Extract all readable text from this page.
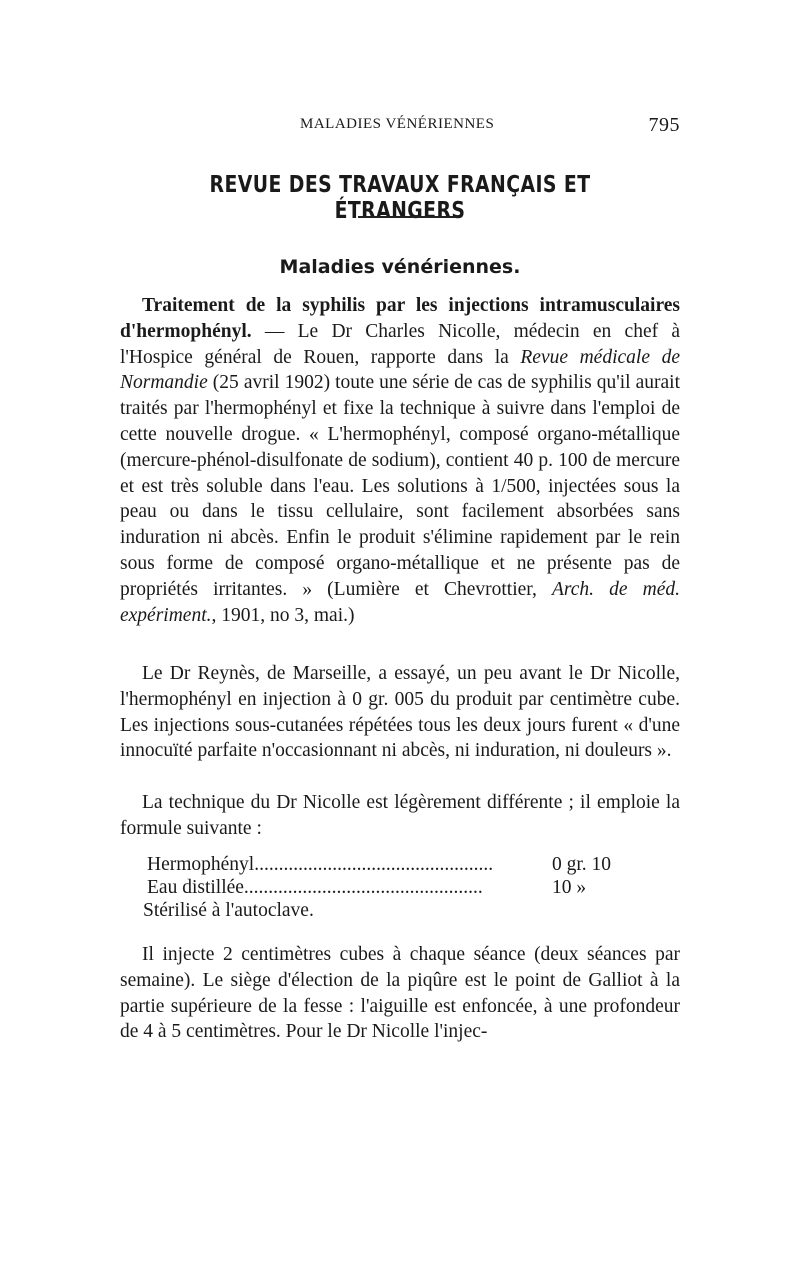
MALADIES VÉNÉRIENNES	795
REVUE DES TRAVAUX FRANÇAIS ET ÉTRANGERS
Maladies vénériennes.
Traitement de la syphilis par les injections intramusculaires d'hermophényl. — Le Dr Charles Nicolle, médecin en chef à l'Hospice général de Rouen, rapporte dans la Revue médicale de Normandie (25 avril 1902) toute une série de cas de syphilis qu'il aurait traités par l'hermophényl et fixe la technique à suivre dans l'emploi de cette nouvelle drogue. « L'hermophényl, composé organo-métallique (mercure-phénol-disulfonate de sodium), contient 40 p. 100 de mercure et est très soluble dans l'eau. Les solutions à 1/500, injectées sous la peau ou dans le tissu cellulaire, sont facilement absorbées sans induration ni abcès. Enfin le produit s'élimine rapidement par le rein sous forme de composé organo-métallique et ne présente pas de propriétés irritantes. » (Lumière et Chevrottier, Arch. de méd. expériment., 1901, no 3, mai.)
Le Dr Reynès, de Marseille, a essayé, un peu avant le Dr Nicolle, l'hermophényl en injection à 0 gr. 005 du produit par centimètre cube. Les injections sous-cutanées répétées tous les deux jours furent « d'une innocuïté parfaite n'occasionnant ni abcès, ni induration, ni douleurs ».
La technique du Dr Nicolle est légèrement différente ; il emploie la formule suivante :
Hermophényl.................................................	0 gr. 10
Eau distillée.................................................	10 »
Stérilisé à l'autoclave.
Il injecte 2 centimètres cubes à chaque séance (deux séances par semaine). Le siège d'élection de la piqûre est le point de Galliot à la partie supérieure de la fesse : l'aiguille est enfoncée, à une profondeur de 4 à 5 centimètres. Pour le Dr Nicolle l'injec-
